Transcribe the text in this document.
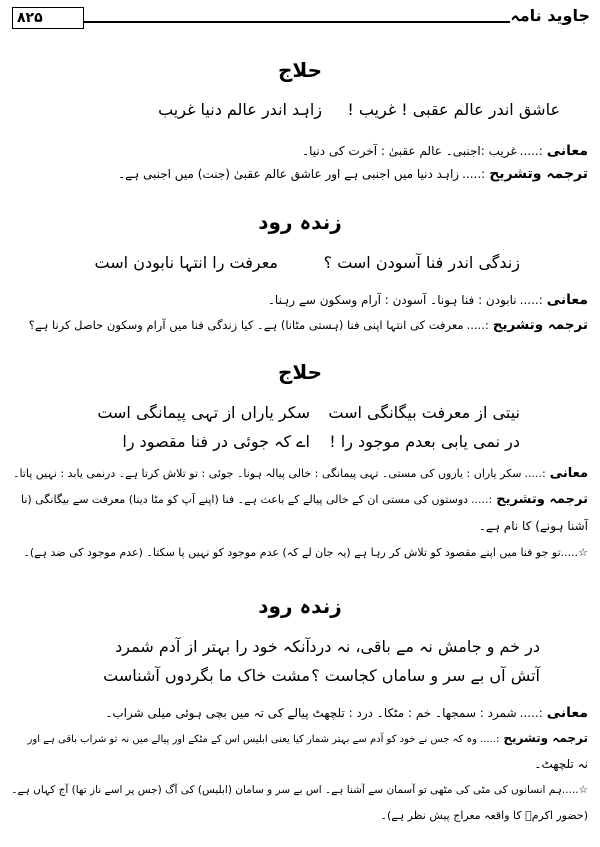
۸۲۵	جاوید نامہ
حلاج
زاہد اندر عالم دنیا غریب عاشق اندر عالم عقبی ! غریب !
معانی:.....غریب :اجنبی۔ عالم عقبیٰ : آخرت کی دنیا۔
ترجمہ وتشریح:.....زاہد دنیا میں اجنبی ہے اور عاشق عالم عقبیٰ (جنت) میں اجنبی ہے۔
زندہ رود
معرفت را انتہا نابودن است	زندگی اندر فنا آسودن است ؟
معانی:.....نابودن : فنا ہونا۔ آسودن : آرام وسکون سے رہنا۔
ترجمہ وتشریح:.....معرفت کی انتہا اپنی فنا (ہستی مٹانا) ہے۔ کیا زندگی فنا میں آرام وسکون حاصل کرنا ہے؟
حلاج
سکر یاراں از تہی پیمانگی است نیتی از معرفت بیگانگی است
اے کہ جوئی در فنا مقصود را در نمی یابی بعدم موجود را !
معانی:.....سکر یاراں : یاروں کی مستی۔ تہی پیمانگی : خالی پیالہ ہونا۔ جوئی : تو تلاش کرتا ہے۔ درنمی یابد : نہیں پاتا۔
ترجمہ وتشریح:.....دوستوں کی مستی ان کے خالی پیالے کے باعث ہے۔ فنا (اپنے آپ کو مٹا دینا) معرفت سے بیگانگی (نا
آشنا ہونے) کا نام ہے۔
☆.....تو جو فنا میں اپنے مقصود کو تلاش کر رہا ہے (یہ جان لے کہ) عدم موجود کو نہیں پا سکتا۔ (عدم موجود کی ضد ہے)۔
زندہ رود
آنکہ خود را بہتر از آدم شمرد در خم و جامش نہ مے باقی، نہ درد
مشت خاک ما بگردوں آشناست آتش آں بے سر و ساماں کجاست ؟
معانی:.....شمرد : سمجھا۔ خم : مٹکا۔ درد : تلچھٹ پیالے کی تہ میں بچی ہوئی میلی شراب۔
ترجمہ وتشریح:.....وہ کہ جس نے خود کو آدم سے بہتر شمار کیا یعنی ابلیس اس کے مٹکے اور پیالے میں نہ تو شراب باقی ہے اور
نہ تلچھٹ۔
☆.....ہم انسانوں کی مٹی کی مٹھی تو آسمان سے آشنا ہے۔ اس بے سر و سامان (ابلیس) کی آگ (جس پر اسے ناز تھا) آج کہاں ہے۔
(حضور اکرمؐ کا واقعہ معراج پیش نظر ہے)۔
